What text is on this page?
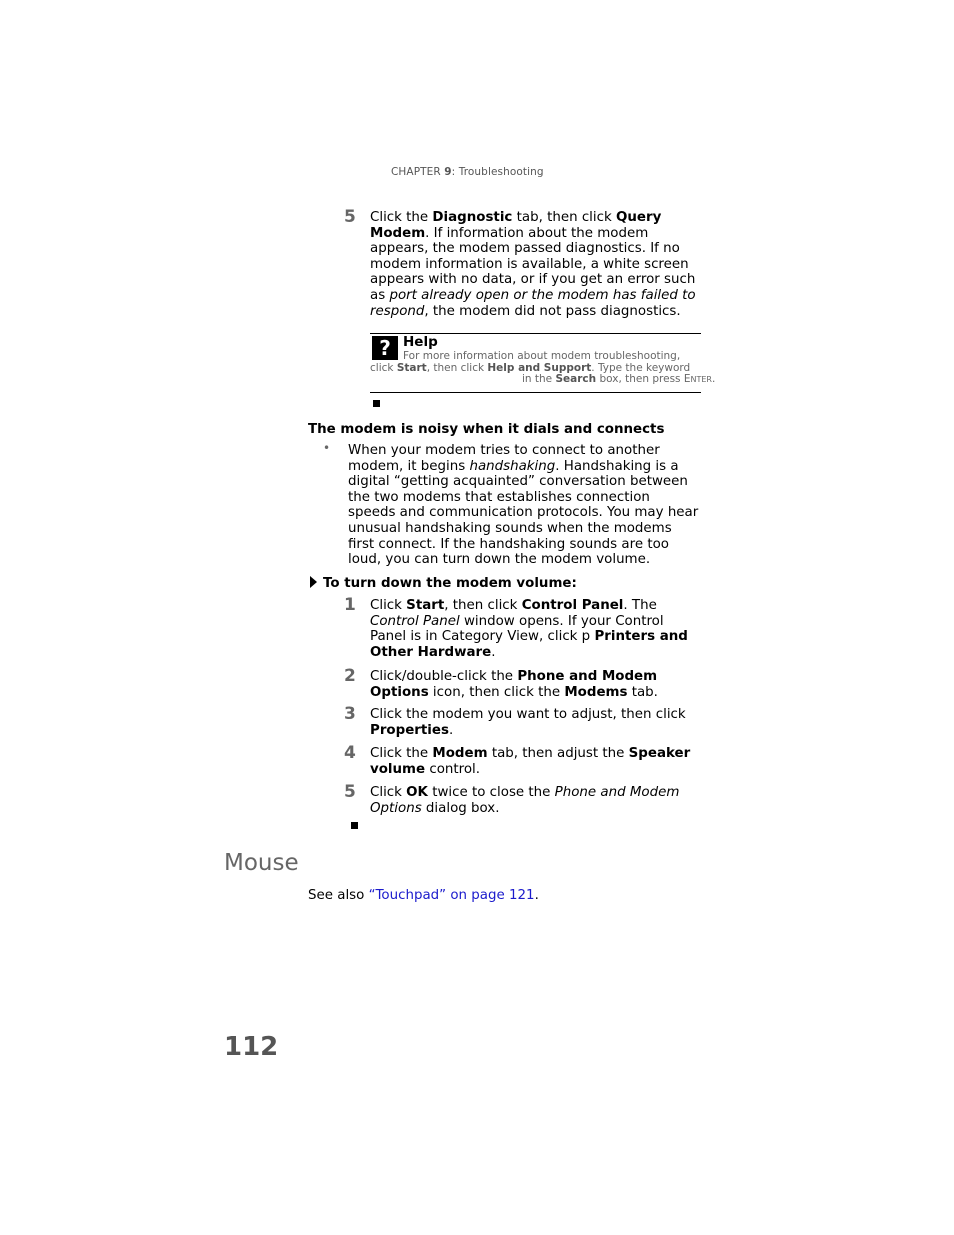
CHAPTER 9: Troubleshooting
5 Click the Diagnostic tab, then click Query Modem. If information about the modem appears, the modem passed diagnostics. If no modem information is available, a white screen appears with no data, or if you get an error such as port already open or the modem has failed to respond, the modem did not pass diagnostics.
? Help
For more information about modem troubleshooting,
click Start, then click Help and Support. Type the keyword
in the Search box, then press ENTER.
The modem is noisy when it dials and connects
• When your modem tries to connect to another modem, it begins handshaking. Handshaking is a digital “getting acquainted” conversation between the two modems that establishes connection speeds and communication protocols. You may hear unusual handshaking sounds when the modems first connect. If the handshaking sounds are too loud, you can turn down the modem volume.
To turn down the modem volume:
1 Click Start, then click Control Panel. The Control Panel window opens. If your Control Panel is in Category View, click p Printers and Other Hardware.
2 Click/double-click the Phone and Modem Options icon, then click the Modems tab.
3 Click the modem you want to adjust, then click Properties.
4 Click the Modem tab, then adjust the Speaker volume control.
5 Click OK twice to close the Phone and Modem Options dialog box.
Mouse
See also “Touchpad” on page 121.
112
